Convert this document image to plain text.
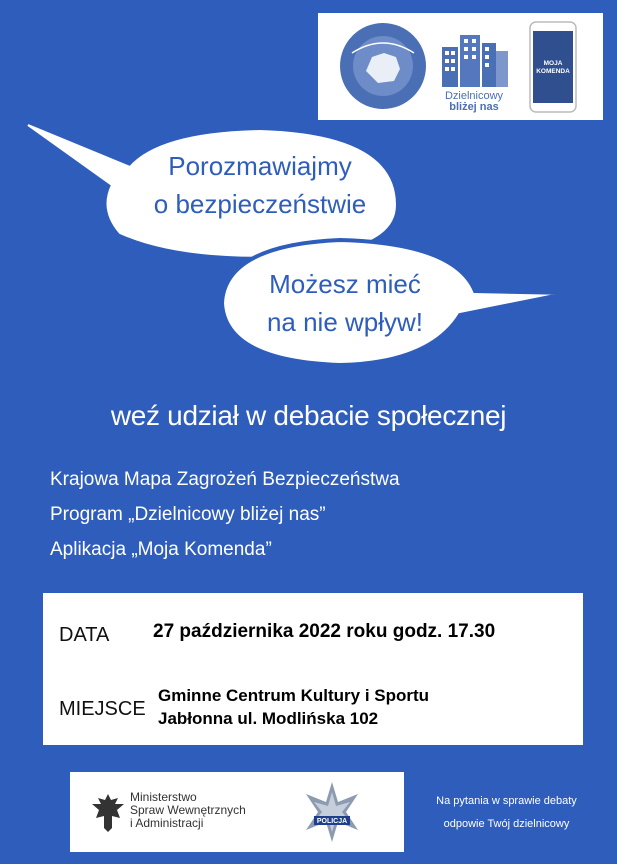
Dzielnicowy
bliżej nas
MOJA
KOMENDA
Porozmawiajmy
o bezpieczeństwie
Możesz mieć
na nie wpływ!
weź udział w debacie społecznej
Krajowa Mapa Zagrożeń Bezpieczeństwa
Program „Dzielnicowy bliżej nas”
Aplikacja „Moja Komenda”
DATA 27 października 2022 roku godz. 17.30
MIEJSCE
Gminne Centrum Kultury i Sportu
Jabłonna ul. Modlińska 102
Ministerstwo
Spraw Wewnętrznych
i Administracji	POLICJA
Na pytania w sprawie debaty
odpowie Twój dzielnicowy
